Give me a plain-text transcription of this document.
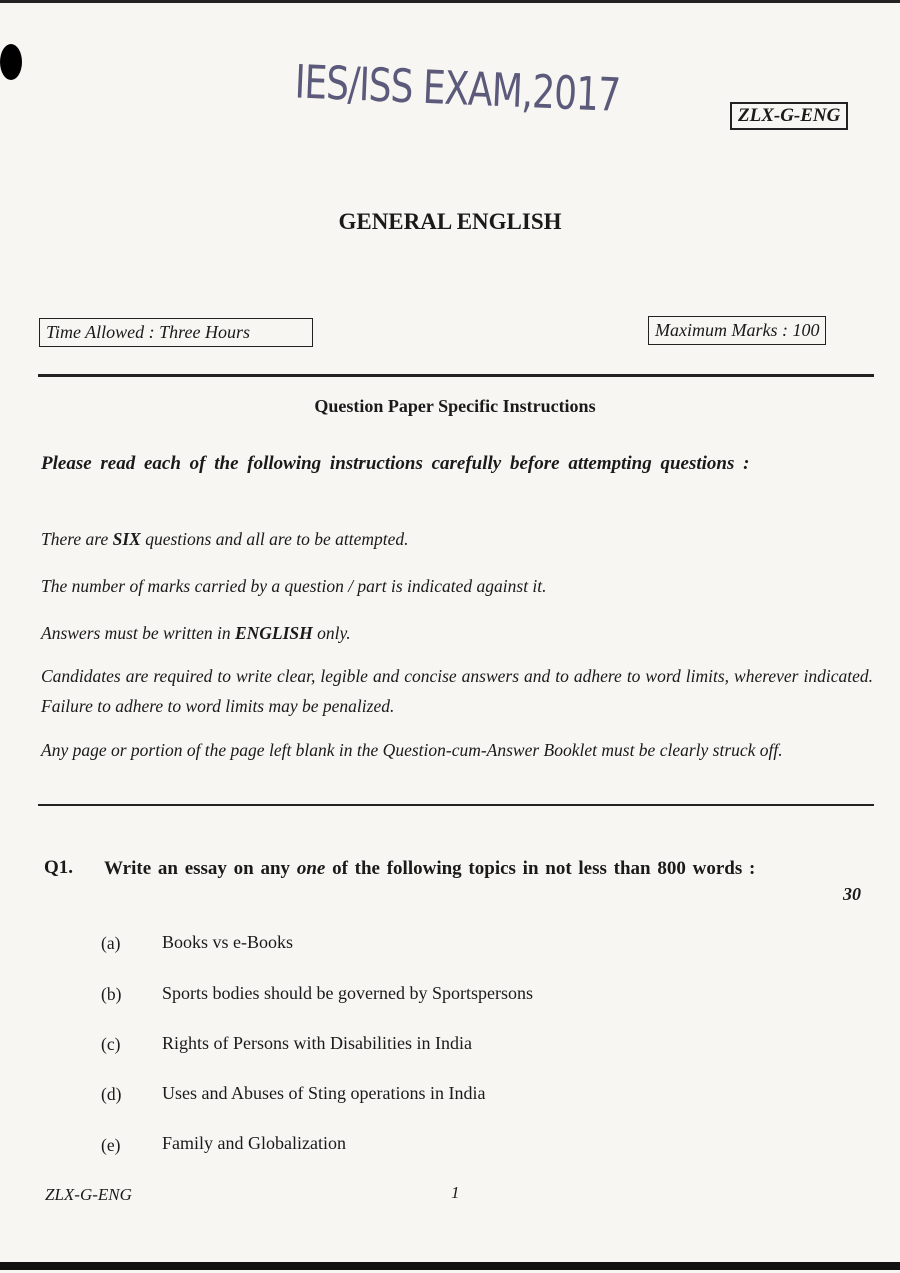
IES/ISS EXAM,2017	ZLX-G-ENG
GENERAL ENGLISH
Time Allowed : Three Hours	Maximum Marks : 100
Question Paper Specific Instructions
Please read each of the following instructions carefully before attempting questions :
There are SIX questions and all are to be attempted.
The number of marks carried by a question / part is indicated against it.
Answers must be written in ENGLISH only.
Candidates are required to write clear, legible and concise answers and to adhere to word limits, wherever indicated. Failure to adhere to word limits may be penalized.
Any page or portion of the page left blank in the Question-cum-Answer Booklet must be clearly struck off.
Q1. Write an essay on any one of the following topics in not less than 800 words :
30
(a) Books vs e-Books
(b) Sports bodies should be governed by Sportspersons
(c) Rights of Persons with Disabilities in India
(d) Uses and Abuses of Sting operations in India
(e) Family and Globalization
ZLX-G-ENG	1
